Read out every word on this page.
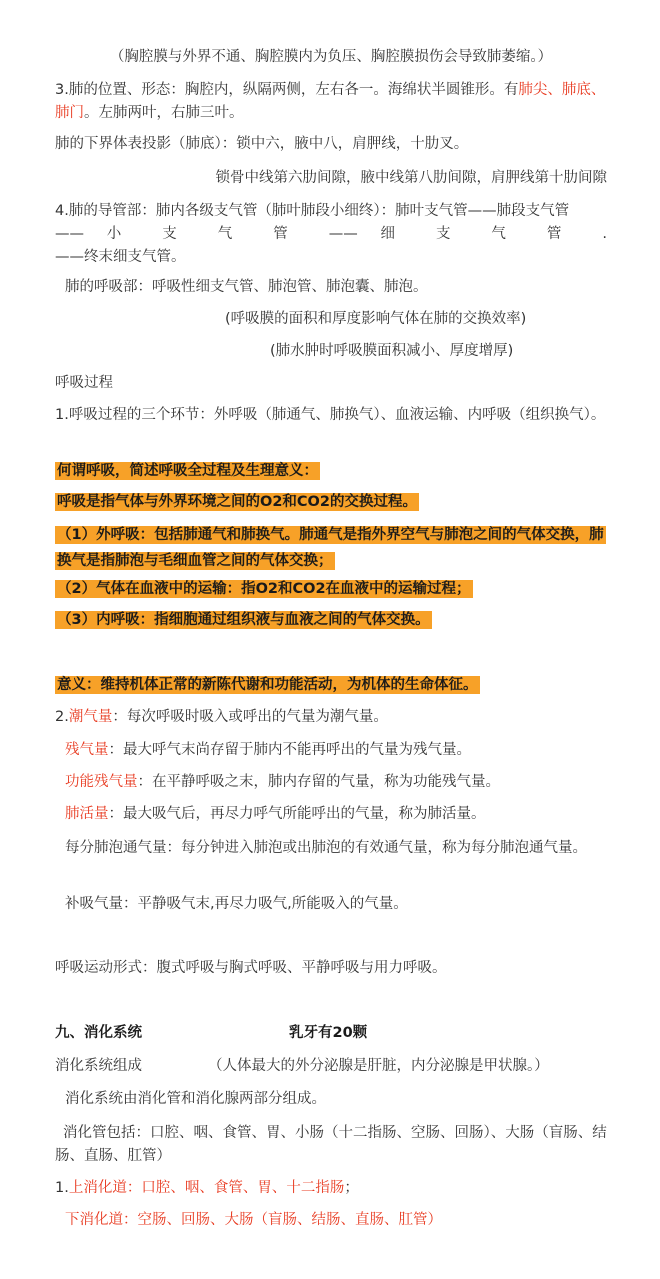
（胸腔膜与外界不通、胸腔膜内为负压、胸腔膜损伤会导致肺萎缩。）

3.肺的位置、形态：胸腔内，纵隔两侧，左右各一。海绵状半圆锥形。有肺尖、肺底、肺门。左肺两叶，右肺三叶。

肺的下界体表投影（肺底）：锁中六，腋中八，肩胛线，十肋叉。

锁骨中线第六肋间隙，腋中线第八肋间隙，肩胛线第十肋间隙

4.肺的导管部：肺内各级支气管（肺叶肺段小细终）：肺叶支气管——肺段支气管
—— 小 支 气 管 —— 细 支 气 管 .
——终末细支气管。

肺的呼吸部：呼吸性细支气管、肺泡管、肺泡囊、肺泡。

(呼吸膜的面积和厚度影响气体在肺的交换效率)

(肺水肿时呼吸膜面积减小、厚度增厚)

呼吸过程

1.呼吸过程的三个环节：外呼吸（肺通气、肺换气）、血液运输、内呼吸（组织换气）。

何谓呼吸，简述呼吸全过程及生理意义：

呼吸是指气体与外界环境之间的O2和CO2的交换过程。

（1）外呼吸：包括肺通气和肺换气。肺通气是指外界空气与肺泡之间的气体交换，肺换气是指肺泡与毛细血管之间的气体交换；

（2）气体在血液中的运输：指O2和CO2在血液中的运输过程；

（3）内呼吸：指细胞通过组织液与血液之间的气体交换。

意义：维持机体正常的新陈代谢和功能活动，为机体的生命体征。

2.潮气量：每次呼吸时吸入或呼出的气量为潮气量。

残气量：最大呼气末尚存留于肺内不能再呼出的气量为残气量。

功能残气量：在平静呼吸之末，肺内存留的气量，称为功能残气量。

肺活量：最大吸气后，再尽力呼气所能呼出的气量，称为肺活量。

每分肺泡通气量：每分钟进入肺泡或出肺泡的有效通气量，称为每分肺泡通气量。

补吸气量：平静吸气末,再尽力吸气,所能吸入的气量。

呼吸运动形式：腹式呼吸与胸式呼吸、平静呼吸与用力呼吸。

九、消化系统	乳牙有20颗

消化系统组成	（人体最大的外分泌腺是肝脏，内分泌腺是甲状腺。）

消化系统由消化管和消化腺两部分组成。

消化管包括：口腔、咽、食管、胃、小肠（十二指肠、空肠、回肠）、大肠（盲肠、结肠、直肠、肛管）

1.上消化道：口腔、咽、食管、胃、十二指肠；

下消化道：空肠、回肠、大肠（盲肠、结肠、直肠、肛管）
